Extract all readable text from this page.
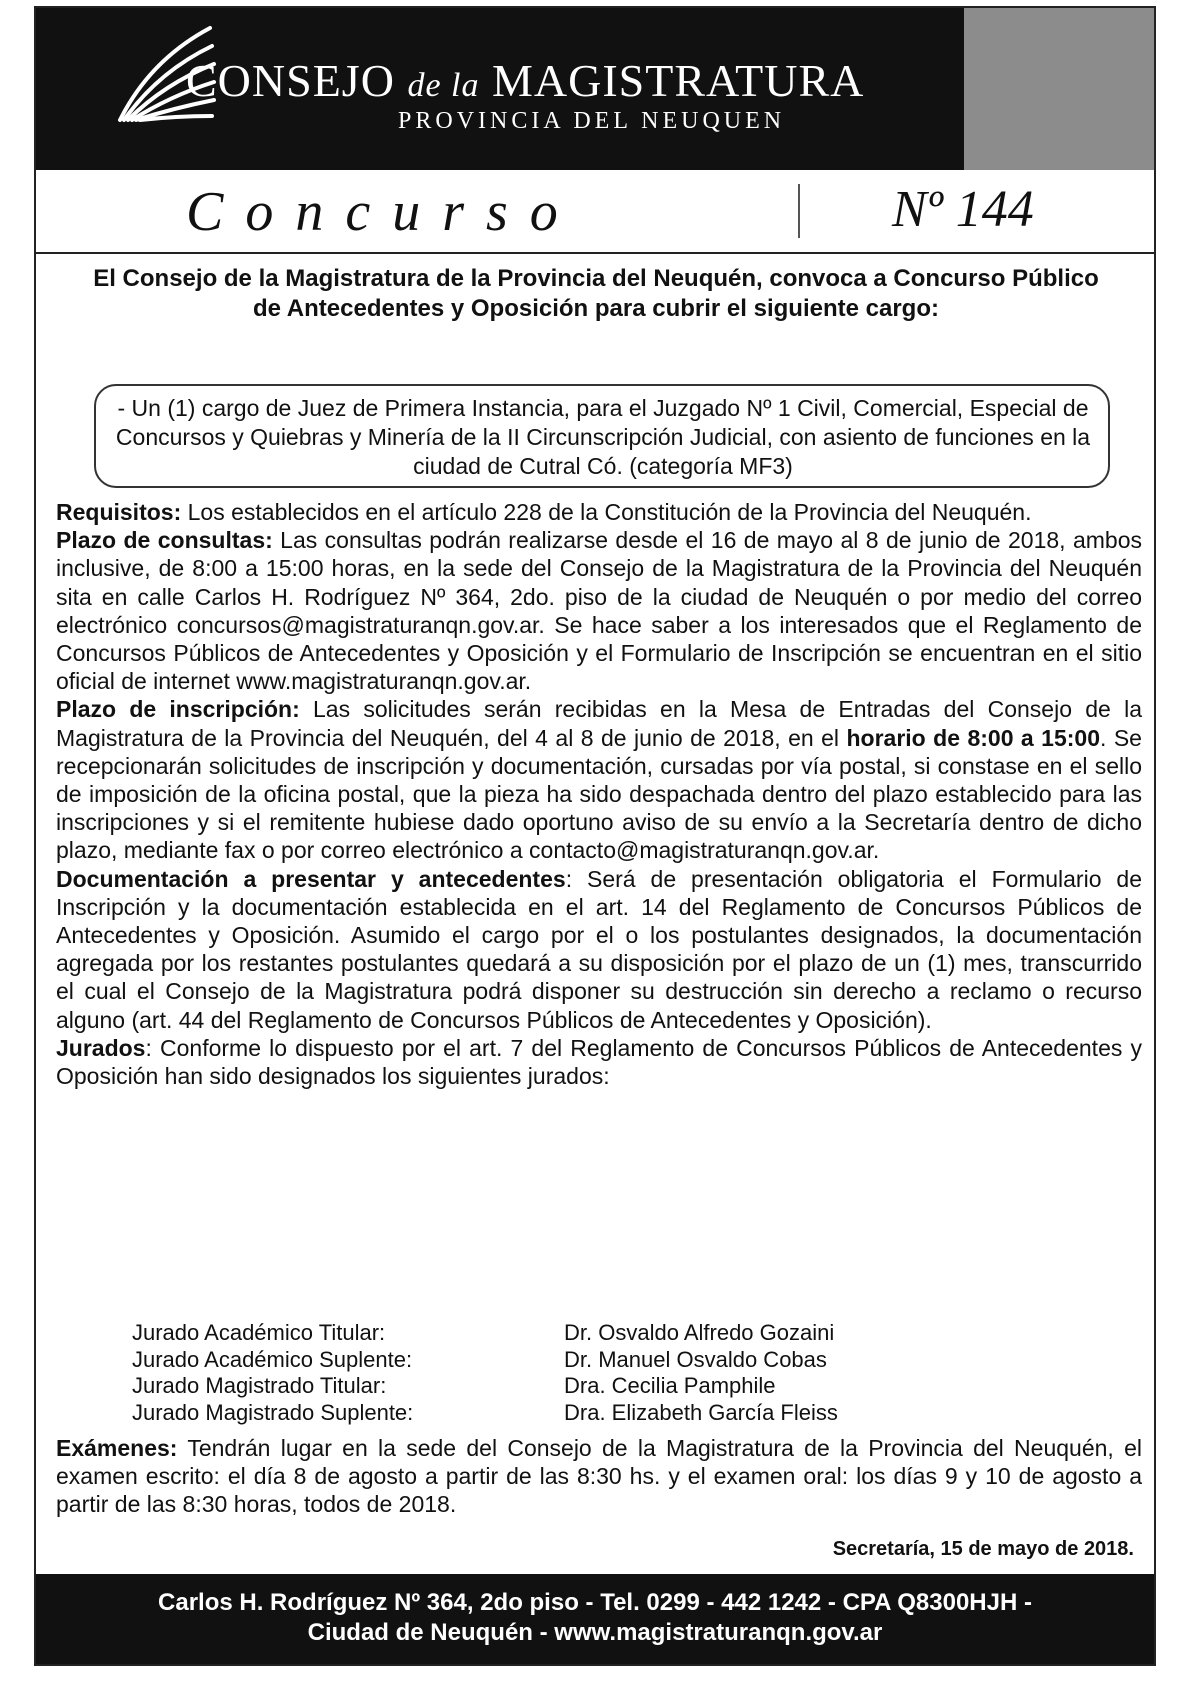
CONSEJO de la MAGISTRATURA
PROVINCIA DEL NEUQUEN
Concurso	Nº 144
El Consejo de la Magistratura de la Provincia del Neuquén, convoca a Concurso Público de Antecedentes y Oposición para cubrir el siguiente cargo:
- Un (1) cargo de Juez de Primera Instancia, para el Juzgado Nº 1 Civil, Comercial, Especial de Concursos y Quiebras y Minería de la II Circunscripción Judicial, con asiento de funciones en la ciudad de Cutral Có. (categoría MF3)

Requisitos: Los establecidos en el artículo 228 de la Constitución de la Provincia del Neuquén.

Plazo de consultas: Las consultas podrán realizarse desde el 16 de mayo al 8 de junio de 2018, ambos inclusive, de 8:00 a 15:00 horas, en la sede del Consejo de la Magistratura de la Provincia del Neuquén sita en calle Carlos H. Rodríguez Nº 364, 2do. piso de la ciudad de Neuquén o por medio del correo electrónico concursos@magistraturanqn.gov.ar. Se hace saber a los interesados que el Reglamento de Concursos Públicos de Antecedentes y Oposición y el Formulario de Inscripción se encuentran en el sitio oficial de internet www.magistraturanqn.gov.ar.

Plazo de inscripción: Las solicitudes serán recibidas en la Mesa de Entradas del Consejo de la Magistratura de la Provincia del Neuquén, del 4 al 8 de junio de 2018, en el horario de 8:00 a 15:00. Se recepcionarán solicitudes de inscripción y documentación, cursadas por vía postal, si constase en el sello de imposición de la oficina postal, que la pieza ha sido despachada dentro del plazo establecido para las inscripciones y si el remitente hubiese dado oportuno aviso de su envío a la Secretaría dentro de dicho plazo, mediante fax o por correo electrónico a contacto@magistraturanqn.gov.ar.

Documentación a presentar y antecedentes: Será de presentación obligatoria el Formulario de Inscripción y la documentación establecida en el art. 14 del Reglamento de Concursos Públicos de Antecedentes y Oposición. Asumido el cargo por el o los postulantes designados, la documentación agregada por los restantes postulantes quedará a su disposición por el plazo de un (1) mes, transcurrido el cual el Consejo de la Magistratura podrá disponer su destrucción sin derecho a reclamo o recurso alguno (art. 44 del Reglamento de Concursos Públicos de Antecedentes y Oposición).

Jurados: Conforme lo dispuesto por el art. 7 del Reglamento de Concursos Públicos de Antecedentes y Oposición han sido designados los siguientes jurados:

Jurado Académico Titular:	Dr. Osvaldo Alfredo Gozaini
Jurado Académico Suplente:	Dr. Manuel Osvaldo Cobas
Jurado Magistrado Titular:	Dra. Cecilia Pamphile
Jurado Magistrado Suplente:	Dra. Elizabeth García Fleiss

Exámenes: Tendrán lugar en la sede del Consejo de la Magistratura de la Provincia del Neuquén, el examen escrito: el día 8 de agosto a partir de las 8:30 hs. y el examen oral: los días 9 y 10 de agosto a partir de las 8:30 horas, todos de 2018.

Secretaría, 15 de mayo de 2018.
Carlos H. Rodríguez Nº 364, 2do piso - Tel. 0299 - 442 1242 - CPA Q8300HJH -
Ciudad de Neuquén - www.magistraturanqn.gov.ar
